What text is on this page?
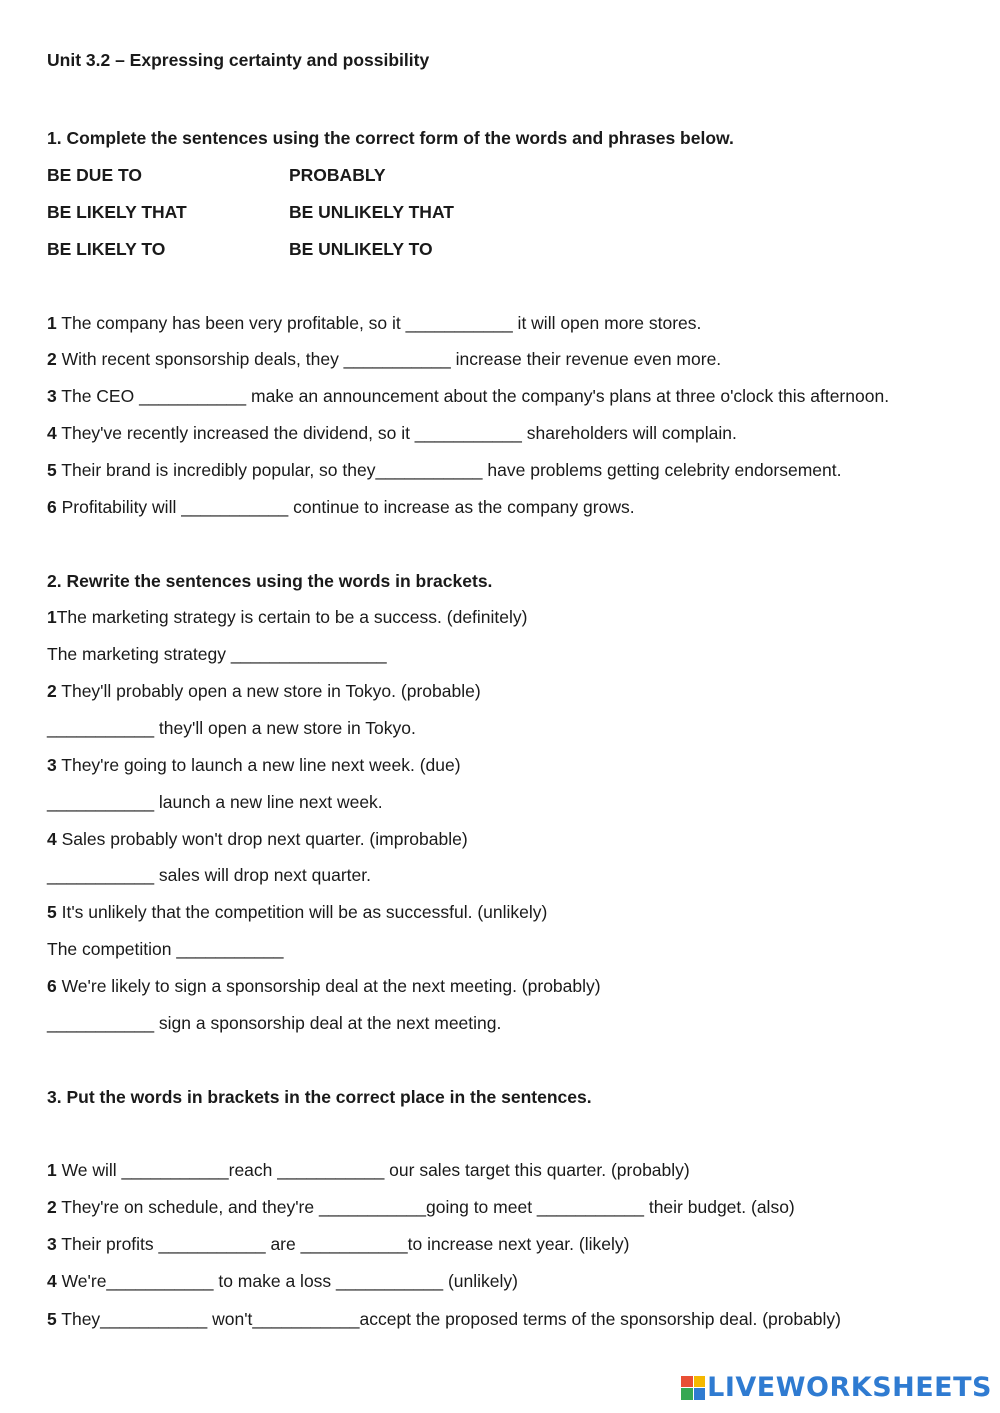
Unit 3.2 – Expressing certainty and possibility
1. Complete the sentences using the correct form of the words and phrases below.
BE DUE TO	PROBABLY
BE LIKELY THAT	BE UNLIKELY THAT
BE LIKELY TO	BE UNLIKELY TO
1 The company has been very profitable, so it ___________ it will open more stores.
2 With recent sponsorship deals, they ___________ increase their revenue even more.
3 The CEO ___________ make an announcement about the company's plans at three o'clock this afternoon.
4 They've recently increased the dividend, so it ___________ shareholders will complain.
5 Their brand is incredibly popular, so they___________ have problems getting celebrity endorsement.
6 Profitability will ___________ continue to increase as the company grows.
2. Rewrite the sentences using the words in brackets.
1The marketing strategy is certain to be a success. (definitely)
The marketing strategy ________________
2 They'll probably open a new store in Tokyo. (probable)
___________ they'll open a new store in Tokyo.
3 They're going to launch a new line next week. (due)
___________ launch a new line next week.
4 Sales probably won't drop next quarter. (improbable)
___________ sales will drop next quarter.
5 It's unlikely that the competition will be as successful. (unlikely)
The competition ___________
6 We're likely to sign a sponsorship deal at the next meeting. (probably)
___________ sign a sponsorship deal at the next meeting.
3. Put the words in brackets in the correct place in the sentences.
1 We will ___________reach ___________ our sales target this quarter. (probably)
2 They're on schedule, and they're ___________going to meet ___________ their budget. (also)
3 Their profits ___________ are ___________to increase next year. (likely)
4 We're___________ to make a loss ___________ (unlikely)
5 They___________ won't___________accept the proposed terms of the sponsorship deal. (probably)
LIVEWORKSHEETS
